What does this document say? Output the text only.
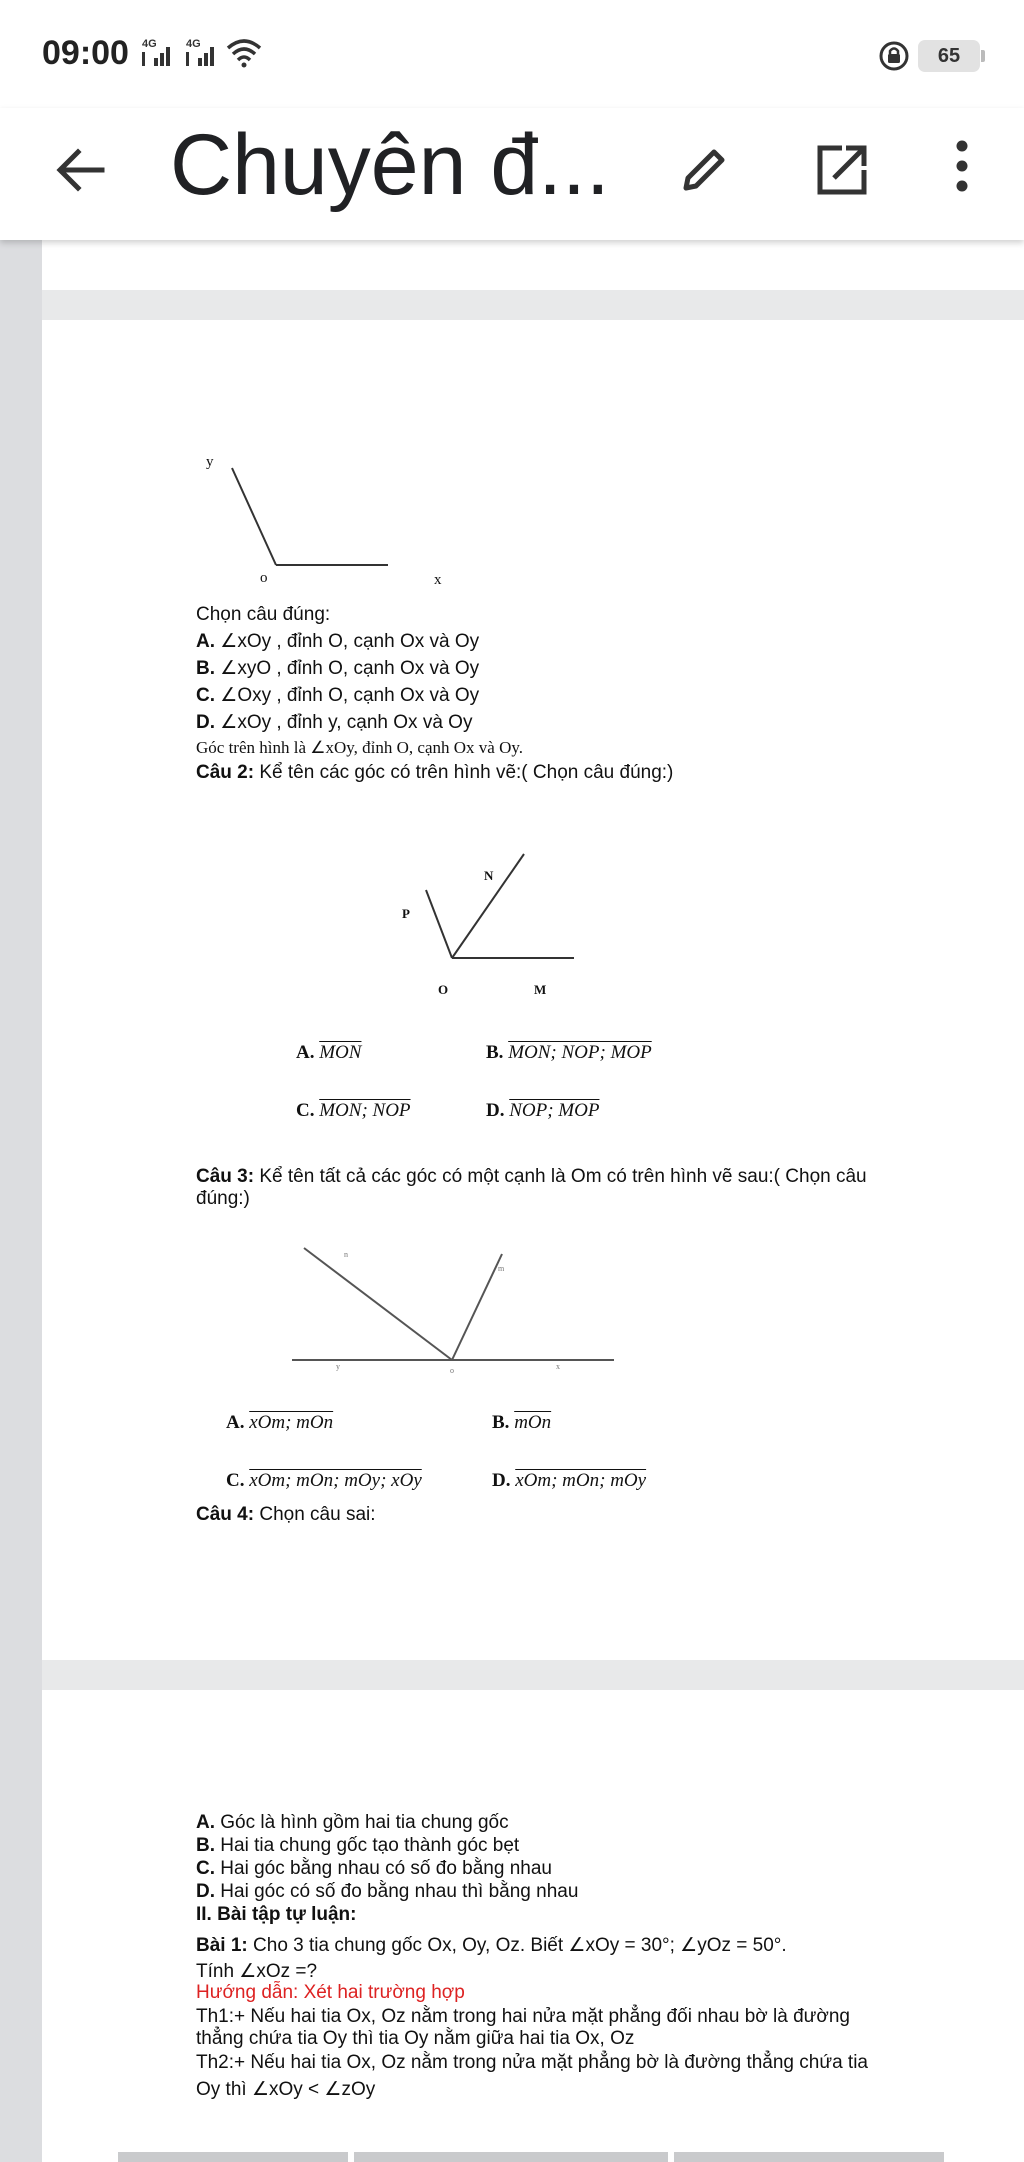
09:00 4G	4G
65
Chuyên đ...
y
o	x
Chọn câu đúng:
A. ∠xOy , đỉnh O, cạnh Ox và Oy
B. ∠xyO , đỉnh O, cạnh Ox và Oy
C. ∠Oxy , đỉnh O, cạnh Ox và Oy
D. ∠xOy , đỉnh y, cạnh Ox và Oy
Góc trên hình là ∠xOy, đỉnh O, cạnh Ox và Oy.
Câu 2: Kể tên các góc có trên hình vẽ:( Chọn câu đúng:)
N
P
O	M
A. $\overline{MON}$	B. MON; NOP; MOP
C. MON; NOP	D. NOP; MOP
Câu 3: Kể tên tất cả các góc có một cạnh là Om có trên hình vẽ sau:( Chọn câu
đúng:)
n
m
y	o	x
A. xOm; mOn	B. $\overline{mOn}$
C. xOm; mOn; mOy; xOy	D. xOm; mOn; mOy
Câu 4: Chọn câu sai:
A. Góc là hình gồm hai tia chung gốc
B. Hai tia chung gốc tạo thành góc bẹt
C. Hai góc bằng nhau có số đo bằng nhau
D. Hai góc có số đo bằng nhau thì bằng nhau
II. Bài tập tự luận:
Bài 1: Cho 3 tia chung gốc Ox, Oy, Oz. Biết ∠xOy = 30°; ∠yOz = 50°.
Tính ∠xOz =?
Hướng dẫn: Xét hai trường hợp
Th1:+ Nếu hai tia Ox, Oz nằm trong hai nửa mặt phẳng đối nhau bờ là đường
thẳng chứa tia Oy thì tia Oy nằm giữa hai tia Ox, Oz
Th2:+ Nếu hai tia Ox, Oz nằm trong nửa mặt phẳng bờ là đường thẳng chứa tia
Oy thì ∠xOy < ∠zOy
